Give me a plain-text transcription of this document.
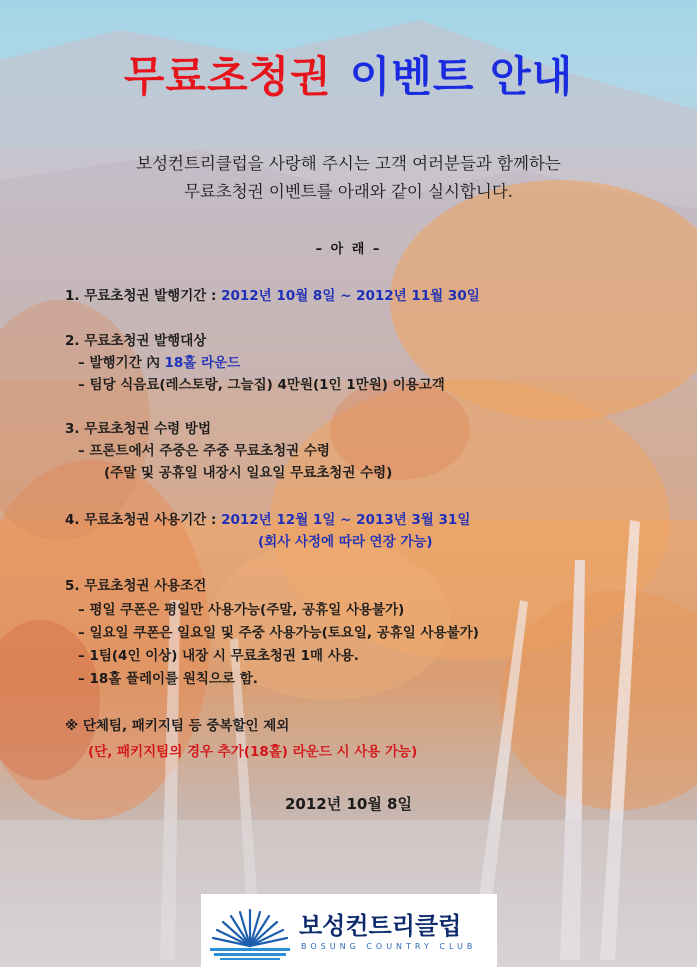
무료초청권 이벤트 안내
보성컨트리클럽을 사랑해 주시는 고객 여러분들과 함께하는
무료초청권 이벤트를 아래와 같이 실시합니다.
– 아 래 –
1. 무료초청권 발행기간 : 2012년 10월 8일 ~ 2012년 11월 30일
2. 무료초청권 발행대상
– 발행기간 內 18홀 라운드
– 팀당 식음료(레스토랑, 그늘집) 4만원(1인 1만원) 이용고객
3. 무료초청권 수령 방법
– 프론트에서 주중은 주중 무료초청권 수령
(주말 및 공휴일 내장시 일요일 무료초청권 수령)
4. 무료초청권 사용기간 : 2012년 12월 1일 ~ 2013년 3월 31일
(회사 사정에 따라 연장 가능)
5. 무료초청권 사용조건
– 평일 쿠폰은 평일만 사용가능(주말, 공휴일 사용불가)
– 일요일 쿠폰은 일요일 및 주중 사용가능(토요일, 공휴일 사용불가)
– 1팀(4인 이상) 내장 시 무료초청권 1매 사용.
– 18홀 플레이를 원칙으로 함.
※ 단체팀, 패키지팀 등 중복할인 제외
(단, 패키지팀의 경우 추가(18홀) 라운드 시 사용 가능)
2012년 10월 8일
보성컨트리클럽
BOSUNG COUNTRY CLUB
